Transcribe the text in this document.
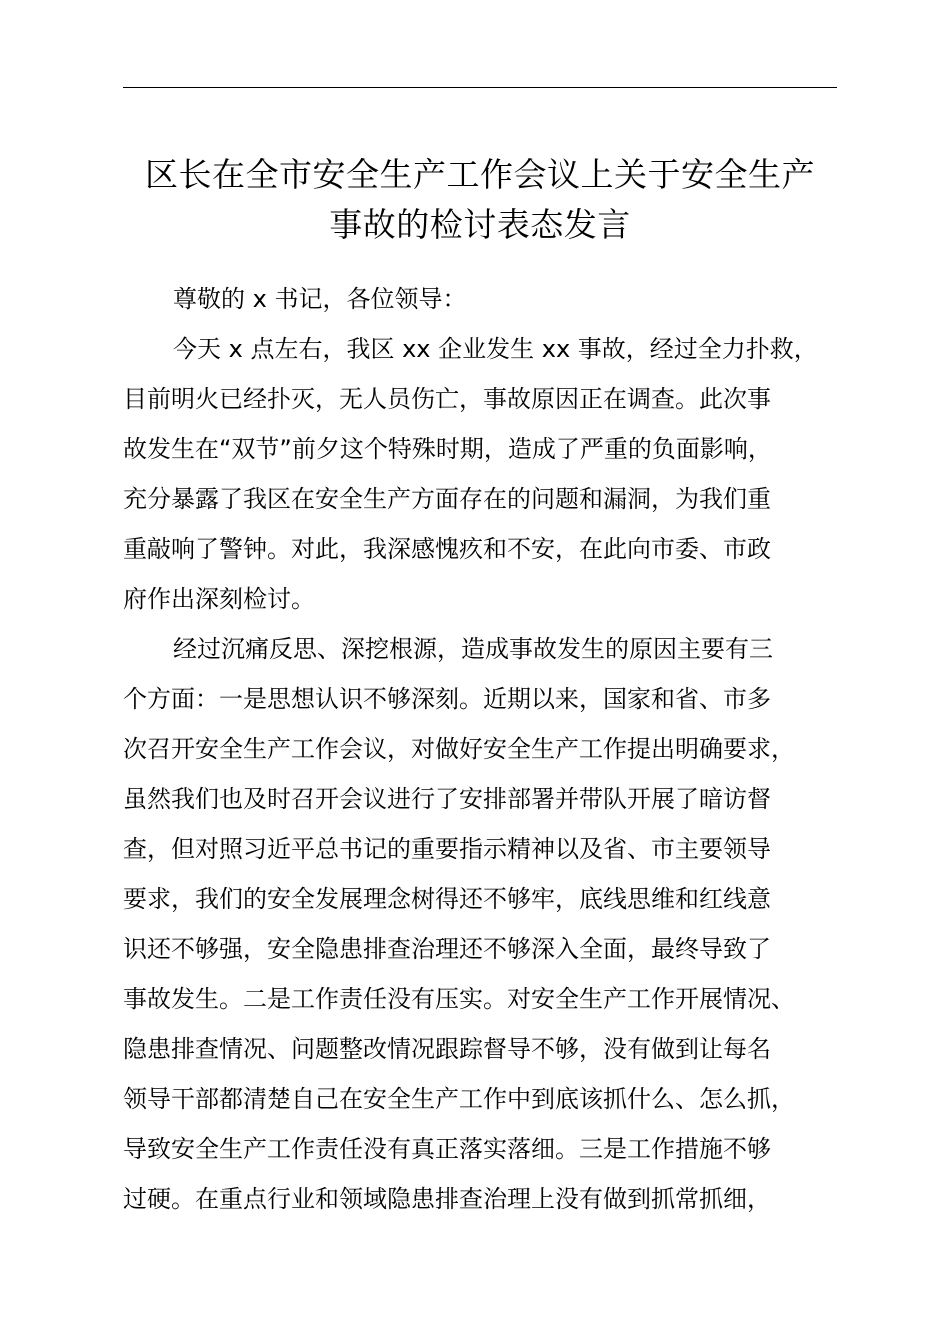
区长在全市安全生产工作会议上关于安全生产
事故的检讨表态发言
尊敬的 x 书记，各位领导：
今天 x 点左右，我区 xx 企业发生 xx 事故，经过全力扑救，
目前明火已经扑灭，无人员伤亡，事故原因正在调查。此次事
故发生在“双节”前夕这个特殊时期，造成了严重的负面影响，
充分暴露了我区在安全生产方面存在的问题和漏洞，为我们重
重敲响了警钟。对此，我深感愧疚和不安，在此向市委、市政
府作出深刻检讨。
经过沉痛反思、深挖根源，造成事故发生的原因主要有三
个方面：一是思想认识不够深刻。近期以来，国家和省、市多
次召开安全生产工作会议，对做好安全生产工作提出明确要求，
虽然我们也及时召开会议进行了安排部署并带队开展了暗访督
查，但对照习近平总书记的重要指示精神以及省、市主要领导
要求，我们的安全发展理念树得还不够牢，底线思维和红线意
识还不够强，安全隐患排查治理还不够深入全面，最终导致了
事故发生。二是工作责任没有压实。对安全生产工作开展情况、
隐患排查情况、问题整改情况跟踪督导不够，没有做到让每名
领导干部都清楚自己在安全生产工作中到底该抓什么、怎么抓，
导致安全生产工作责任没有真正落实落细。三是工作措施不够
过硬。在重点行业和领域隐患排查治理上没有做到抓常抓细，
